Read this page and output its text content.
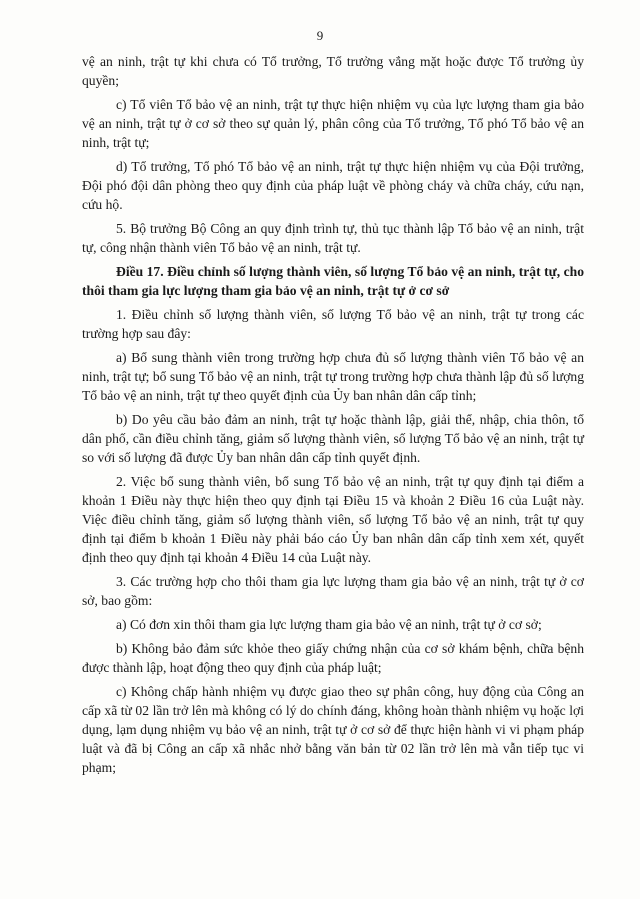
9

vệ an ninh, trật tự khi chưa có Tổ trưởng, Tổ trưởng vắng mặt hoặc được Tổ trưởng ủy quyền;

c) Tổ viên Tổ bảo vệ an ninh, trật tự thực hiện nhiệm vụ của lực lượng tham gia bảo vệ an ninh, trật tự ở cơ sở theo sự quản lý, phân công của Tổ trưởng, Tổ phó Tổ bảo vệ an ninh, trật tự;

d) Tổ trưởng, Tổ phó Tổ bảo vệ an ninh, trật tự thực hiện nhiệm vụ của Đội trưởng, Đội phó đội dân phòng theo quy định của pháp luật về phòng cháy và chữa cháy, cứu nạn, cứu hộ.

5. Bộ trưởng Bộ Công an quy định trình tự, thủ tục thành lập Tổ bảo vệ an ninh, trật tự, công nhận thành viên Tổ bảo vệ an ninh, trật tự.

Điều 17. Điều chỉnh số lượng thành viên, số lượng Tổ bảo vệ an ninh, trật tự, cho thôi tham gia lực lượng tham gia bảo vệ an ninh, trật tự ở cơ sở

1. Điều chỉnh số lượng thành viên, số lượng Tổ bảo vệ an ninh, trật tự trong các trường hợp sau đây:

a) Bổ sung thành viên trong trường hợp chưa đủ số lượng thành viên Tổ bảo vệ an ninh, trật tự; bổ sung Tổ bảo vệ an ninh, trật tự trong trường hợp chưa thành lập đủ số lượng Tổ bảo vệ an ninh, trật tự theo quyết định của Ủy ban nhân dân cấp tỉnh;

b) Do yêu cầu bảo đảm an ninh, trật tự hoặc thành lập, giải thể, nhập, chia thôn, tổ dân phố, cần điều chỉnh tăng, giảm số lượng thành viên, số lượng Tổ bảo vệ an ninh, trật tự so với số lượng đã được Ủy ban nhân dân cấp tỉnh quyết định.

2. Việc bổ sung thành viên, bổ sung Tổ bảo vệ an ninh, trật tự quy định tại điểm a khoản 1 Điều này thực hiện theo quy định tại Điều 15 và khoản 2 Điều 16 của Luật này. Việc điều chỉnh tăng, giảm số lượng thành viên, số lượng Tổ bảo vệ an ninh, trật tự quy định tại điểm b khoản 1 Điều này phải báo cáo Ủy ban nhân dân cấp tỉnh xem xét, quyết định theo quy định tại khoản 4 Điều 14 của Luật này.

3. Các trường hợp cho thôi tham gia lực lượng tham gia bảo vệ an ninh, trật tự ở cơ sở, bao gồm:

a) Có đơn xin thôi tham gia lực lượng tham gia bảo vệ an ninh, trật tự ở cơ sở;

b) Không bảo đảm sức khỏe theo giấy chứng nhận của cơ sở khám bệnh, chữa bệnh được thành lập, hoạt động theo quy định của pháp luật;

c) Không chấp hành nhiệm vụ được giao theo sự phân công, huy động của Công an cấp xã từ 02 lần trở lên mà không có lý do chính đáng, không hoàn thành nhiệm vụ hoặc lợi dụng, lạm dụng nhiệm vụ bảo vệ an ninh, trật tự ở cơ sở để thực hiện hành vi vi phạm pháp luật và đã bị Công an cấp xã nhắc nhở bằng văn bản từ 02 lần trở lên mà vẫn tiếp tục vi phạm;
